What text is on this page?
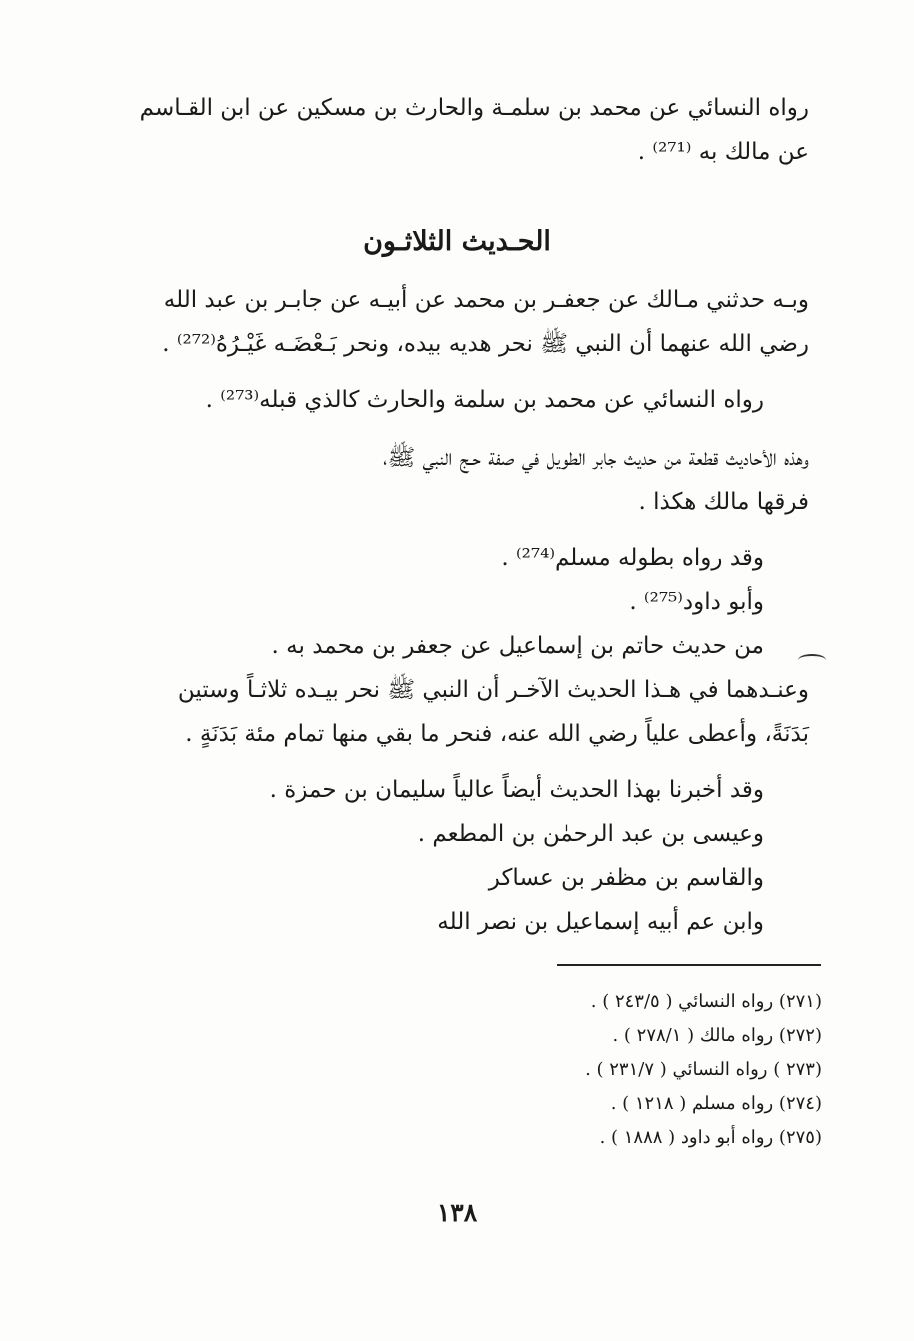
رواه النسائي عن محمد بن سلمـة والحارث بن مسكين عن ابن القـاسم
عن مالك به ⁽²⁷¹⁾ .
الحـديث الثلاثـون
وبـه حدثني مـالك عن جعفـر بن محمد عن أبيـه عن جابـر بن عبد الله
رضي الله عنهما أن النبي ﷺ نحر هديه بيده، ونحر بَـعْضَـه غَيْـرُهُ⁽²⁷²⁾ .
رواه النسائي عن محمد بن سلمة والحارث كالذي قبله⁽²⁷³⁾ .
وهذه الأحاديث قطعة من حديث جابر الطويل في صفة حـج النبي ﷺ،
فرقها مالك هكذا .
وقد رواه بطوله مسلم⁽²⁷⁴⁾ .
وأبو داود⁽²⁷⁵⁾ .
من حديث حاتم بن إسماعيل عن جعفر بن محمد به .
وعنـدهما في هـذا الحديث الآخـر أن النبي ﷺ نحر بيـده ثلاثـاً وستين
بَدَنَةً، وأعطى علياً رضي الله عنه، فنحر ما بقي منها تمام مئة بَدَنَةٍ .
وقد أخبرنا بهذا الحديث أيضاً عالياً سليمان بن حمزة .
وعيسى بن عبد الرحمٰن بن المطعم .
والقاسم بن مظفر بن عساكر
وابن عم أبيه إسماعيل بن نصر الله
(٢٧١) رواه النسائي ( ٢٤٣/٥ ) .
(٢٧٢) رواه مالك ( ٢٧٨/١ ) .
(٢٧٣ ) رواه النسائي ( ٢٣١/٧ ) .
(٢٧٤) رواه مسلم ( ١٢١٨ ) .
(٢٧٥) رواه أبو داود ( ١٨٨٨ ) .
١٣٨
